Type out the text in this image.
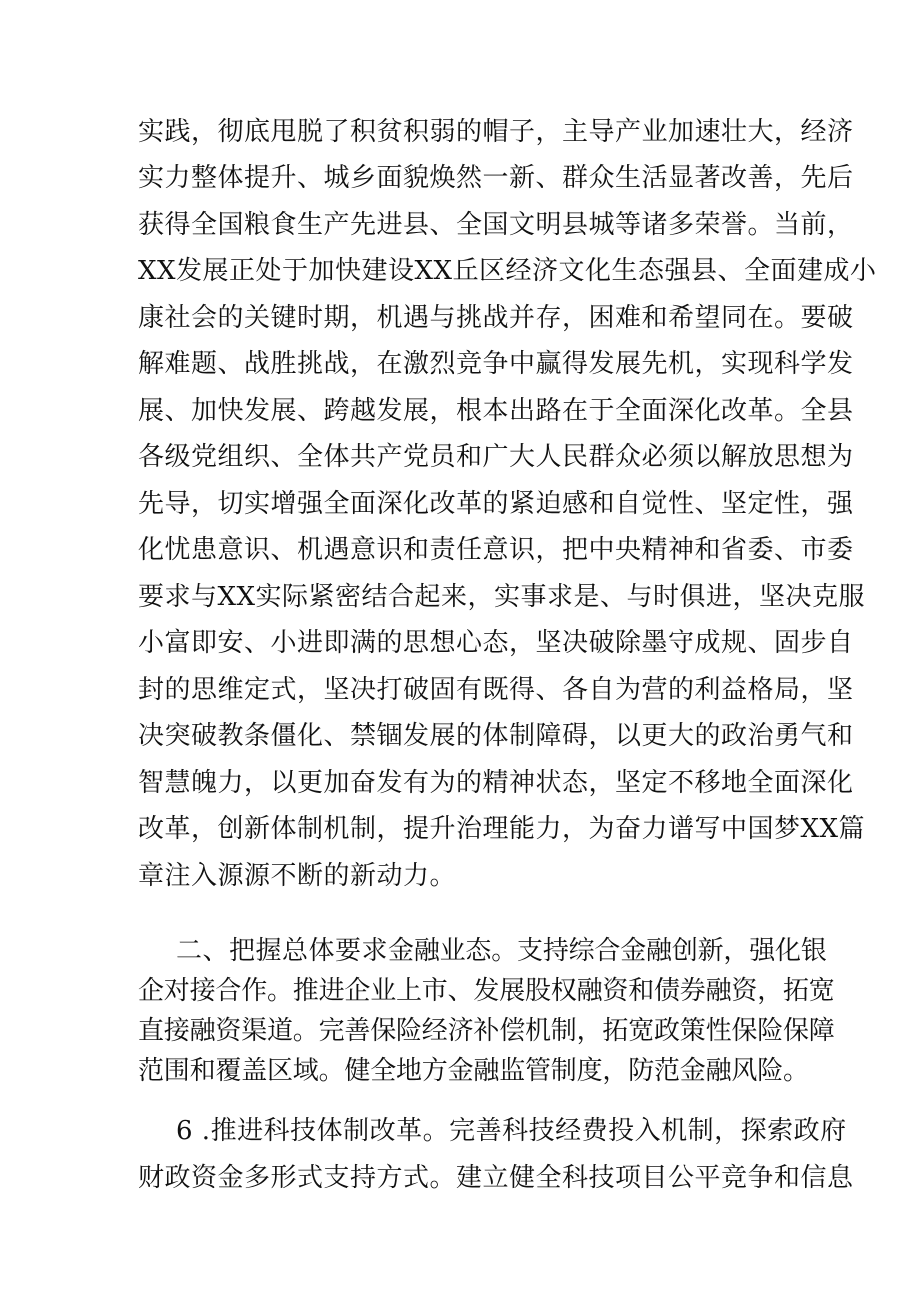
实践，彻底甩脱了积贫积弱的帽子，主导产业加速壮大，经济
实力整体提升、城乡面貌焕然一新、群众生活显著改善，先后
获得全国粮食生产先进县、全国文明县城等诸多荣誉。当前，
XX发展正处于加快建设XX丘区经济文化生态强县、全面建成小
康社会的关键时期，机遇与挑战并存，困难和希望同在。要破
解难题、战胜挑战，在激烈竞争中赢得发展先机，实现科学发
展、加快发展、跨越发展，根本出路在于全面深化改革。全县
各级党组织、全体共产党员和广大人民群众必须以解放思想为
先导，切实增强全面深化改革的紧迫感和自觉性、坚定性，强
化忧患意识、机遇意识和责任意识，把中央精神和省委、市委
要求与XX实际紧密结合起来，实事求是、与时俱进，坚决克服
小富即安、小进即满的思想心态，坚决破除墨守成规、固步自
封的思维定式，坚决打破固有既得、各自为营的利益格局，坚
决突破教条僵化、禁锢发展的体制障碍，以更大的政治勇气和
智慧魄力，以更加奋发有为的精神状态，坚定不移地全面深化
改革，创新体制机制，提升治理能力，为奋力谱写中国梦XX篇
章注入源源不断的新动力。
二、把握总体要求金融业态。支持综合金融创新，强化银
企对接合作。推进企业上市、发展股权融资和债券融资，拓宽
直接融资渠道。完善保险经济补偿机制，拓宽政策性保险保障
范围和覆盖区域。健全地方金融监管制度，防范金融风险。
6 .推进科技体制改革。完善科技经费投入机制，探索政府
财政资金多形式支持方式。建立健全科技项目公平竞争和信息
